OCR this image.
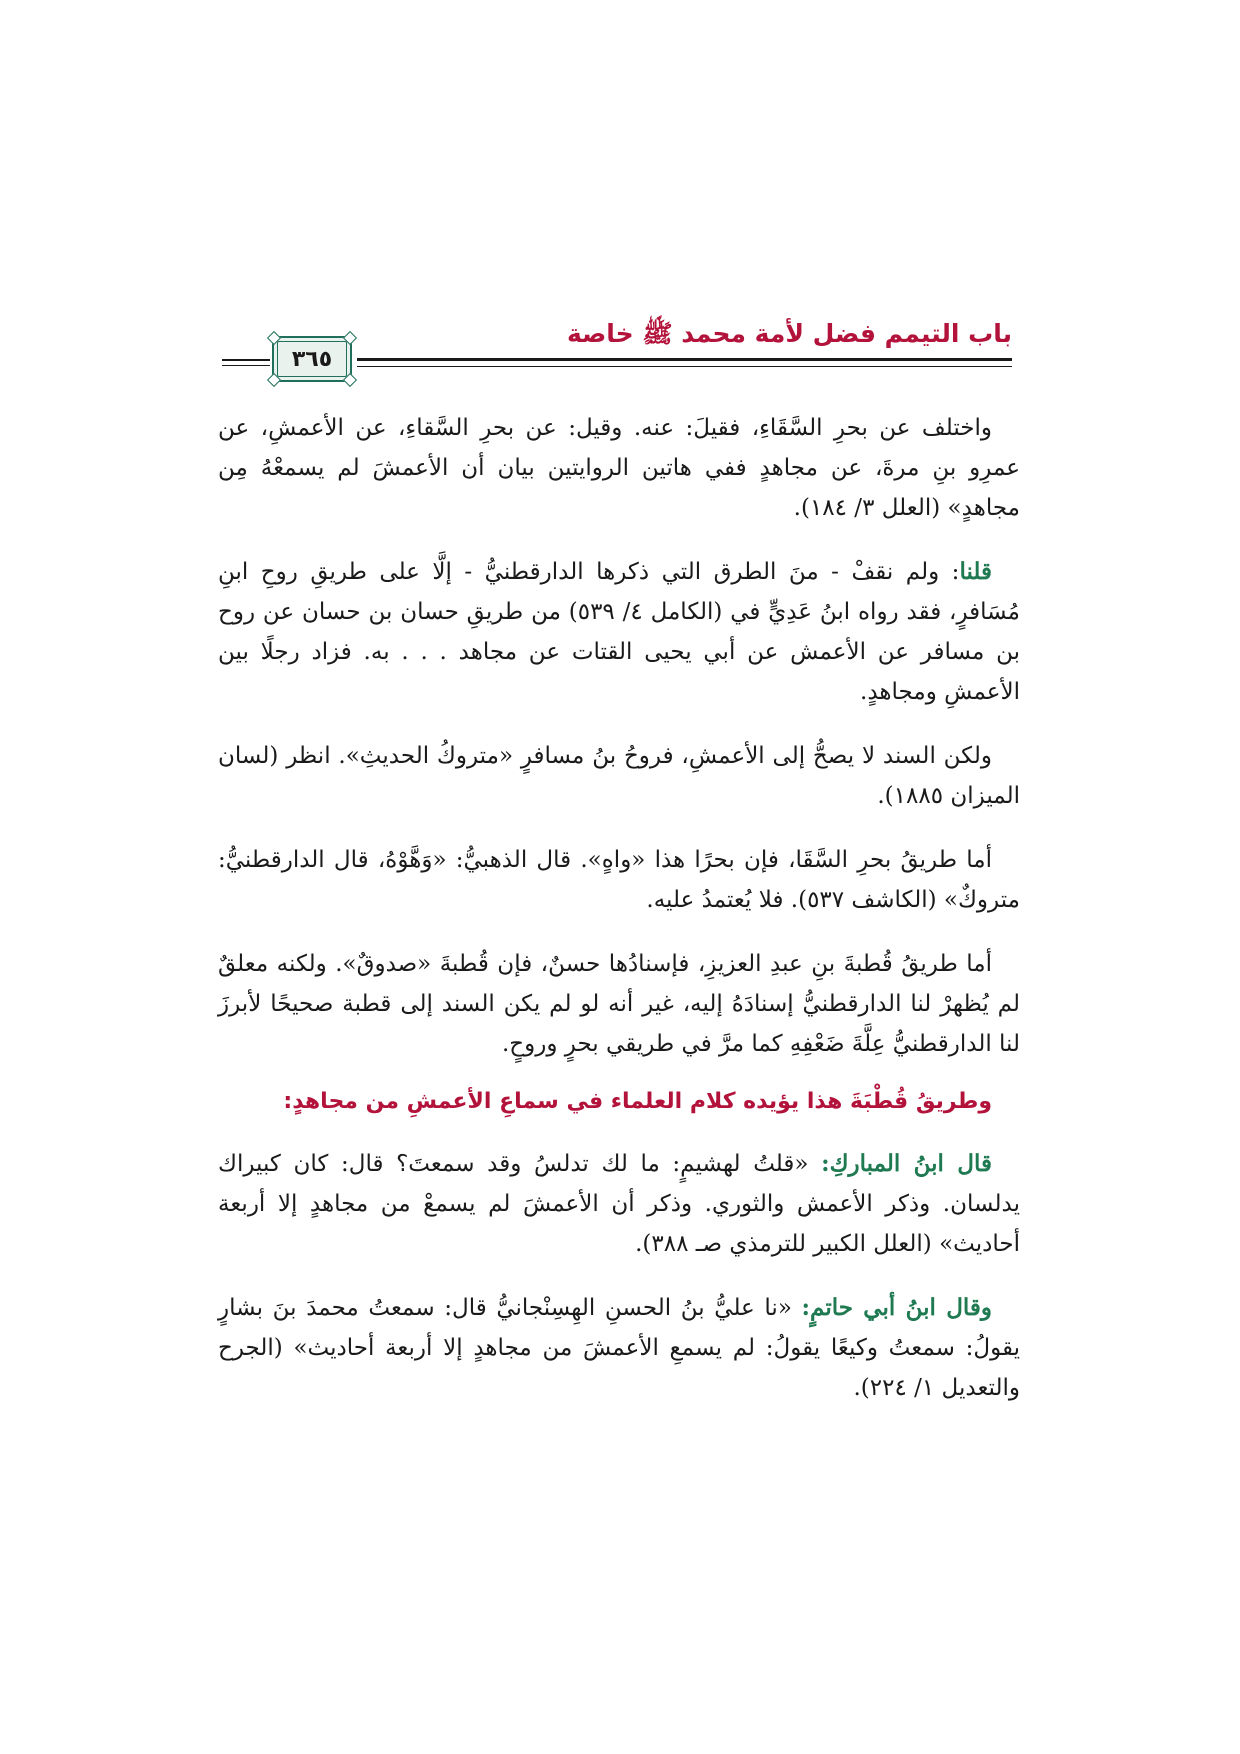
باب التيمم فضل لأمة محمد ﷺ خاصة
٣٦٥

واختلف عن بحرِ السَّقَاءِ، فقيلَ: عنه. وقيل: عن بحرِ السَّقاءِ، عن الأعمشِ، عن عمرِو بنِ مرةَ، عن مجاهدٍ ففي هاتين الروايتين بيان أن الأعمشَ لم يسمعْهُ مِن مجاهدٍ» (العلل ٣/ ١٨٤).

قلنا: ولم نقفْ - منَ الطرق التي ذكرها الدارقطنيُّ - إلَّا على طريقِ روحِ ابنِ مُسَافرٍ، فقد رواه ابنُ عَدِيٍّ في (الكامل ٤/ ٥٣٩) من طريقِ حسان بن حسان عن روح بن مسافر عن الأعمش عن أبي يحيى القتات عن مجاهد . . . به. فزاد رجلًا بين الأعمشِ ومجاهدٍ.

ولكن السند لا يصحُّ إلى الأعمشِ، فروحُ بنُ مسافرٍ «متروكُ الحديثِ». انظر (لسان الميزان ١٨٨٥).

أما طريقُ بحرِ السَّقَا، فإن بحرًا هذا «واهٍ». قال الذهبيُّ: «وَهَّوْهُ، قال الدارقطنيُّ: متروكٌ» (الكاشف ٥٣٧). فلا يُعتمدُ عليه.

أما طريقُ قُطبةَ بنِ عبدِ العزيزِ، فإسنادُها حسنٌ، فإن قُطبةَ «صدوقٌ». ولكنه معلقٌ لم يُظهرْ لنا الدارقطنيُّ إسنادَهُ إليه، غير أنه لو لم يكن السند إلى قطبة صحيحًا لأبرزَ لنا الدارقطنيُّ عِلَّةَ ضَعْفِهِ كما مرَّ في طريقي بحرٍ وروحٍ.

وطريقُ قُطْبَةَ هذا يؤيده كلام العلماء في سماعِ الأعمشِ من مجاهدٍ:

قال ابنُ المباركِ: «قلتُ لهشيمٍ: ما لك تدلسُ وقد سمعتَ؟ قال: كان كبيراك يدلسان. وذكر الأعمش والثوري. وذكر أن الأعمشَ لم يسمعْ من مجاهدٍ إلا أربعة أحاديث» (العلل الكبير للترمذي صـ ٣٨٨).

وقال ابنُ أبي حاتمٍ: «نا عليُّ بنُ الحسنِ الهِسِنْجانيُّ قال: سمعتُ محمدَ بنَ بشارٍ يقولُ: سمعتُ وكيعًا يقولُ: لم يسمعِ الأعمشَ من مجاهدٍ إلا أربعة أحاديث» (الجرح والتعديل ١/ ٢٢٤).
